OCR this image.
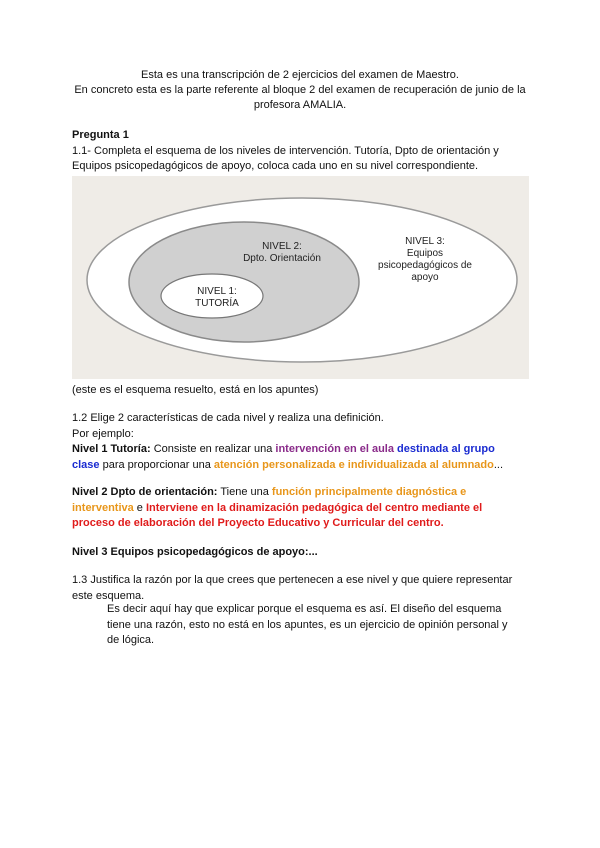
Esta es una transcripción de 2 ejercicios del examen de Maestro.
En concreto esta es la parte referente al bloque 2 del examen de recuperación de junio de la
profesora AMALIA.
Pregunta 1
1.1- Completa el esquema de los niveles de intervención. Tutoría, Dpto de orientación y
Equipos psicopedagógicos de apoyo, coloca cada uno en su nivel correspondiente.
NIVEL 2:
Dpto. Orientación
NIVEL 1:
TUTORÍA
NIVEL 3:
Equipos
psicopedagógicos de
apoyo
(este es el esquema resuelto, está en los apuntes)
1.2 Elige 2 características de cada nivel y realiza una definición.
Por ejemplo:
Nivel 1 Tutoría: Consiste en realizar una intervención en el aula destinada al grupo
clase para proporcionar una atención personalizada e individualizada al alumnado...
Nivel 2 Dpto de orientación: Tiene una función principalmente diagnóstica e
interventiva e Interviene en la dinamización pedagógica del centro mediante el
proceso de elaboración del Proyecto Educativo y Curricular del centro.
Nivel 3 Equipos psicopedagógicos de apoyo:...
1.3 Justifica la razón por la que crees que pertenecen a ese nivel y que quiere representar
este esquema.
Es decir aquí hay que explicar porque el esquema es así. El diseño del esquema
tiene una razón, esto no está en los apuntes, es un ejercicio de opinión personal y
de lógica.
